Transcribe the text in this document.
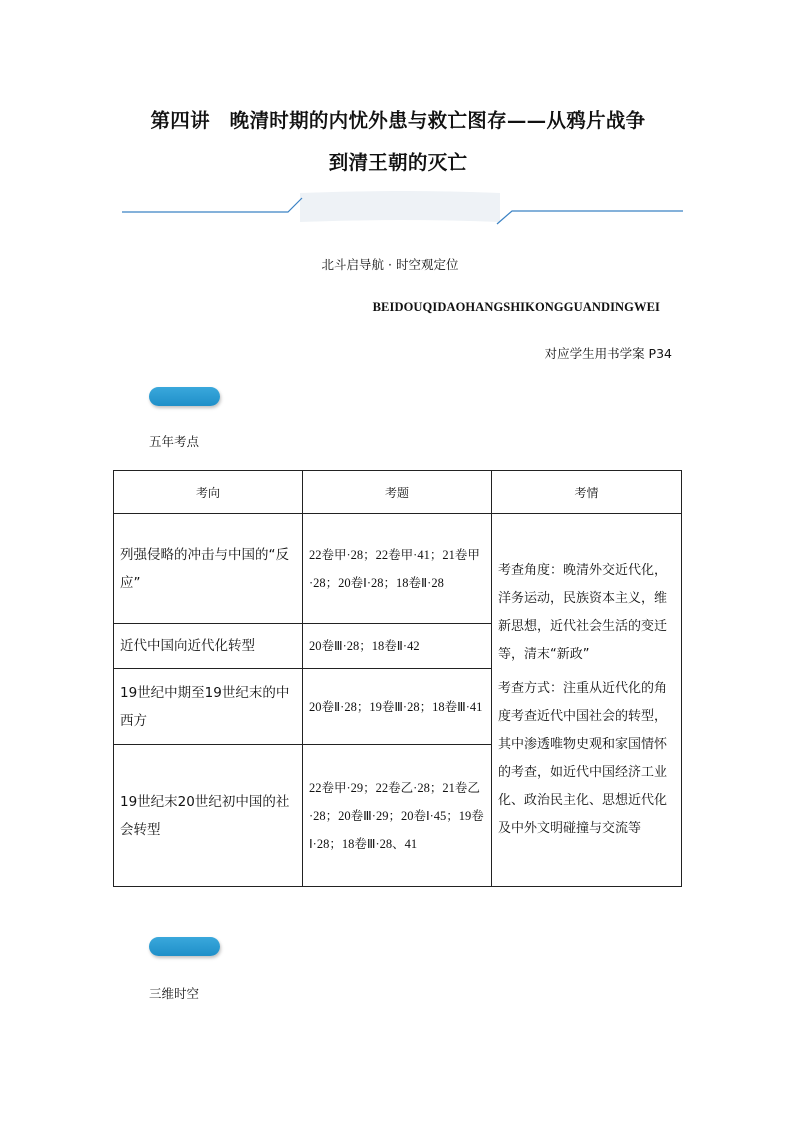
第四讲　晚清时期的内忧外患与救亡图存——从鸦片战争
到清王朝的灭亡
北斗启导航 · 时空观定位
BEIDOUQIDAOHANGSHIKONGGUANDINGWEI
对应学生用书学案 P34
五年考点
考向	考题	考情
列强侵略的冲击与中国的“反应”	22卷甲·28；22卷甲·41；21卷甲·28；20卷Ⅰ·28；18卷Ⅱ·28	考查角度：晚清外交近代化，洋务运动，民族资本主义，维新思想，近代社会生活的变迁等，清末“新政”

考查方式：注重从近代化的角度考查近代中国社会的转型，其中渗透唯物史观和家国情怀的考查，如近代中国经济工业化、政治民主化、思想近代化及中外文明碰撞与交流等

近代中国向近代化转型	20卷Ⅲ·28；18卷Ⅱ·42	
19世纪中期至19世纪末的中西方	20卷Ⅱ·28；19卷Ⅲ·28；18卷Ⅲ·41	
19世纪末20世纪初中国的社会转型	22卷甲·29；22卷乙·28；21卷乙·28；20卷Ⅲ·29；20卷Ⅰ·45；19卷Ⅰ·28；18卷Ⅲ·28、41	
三维时空
